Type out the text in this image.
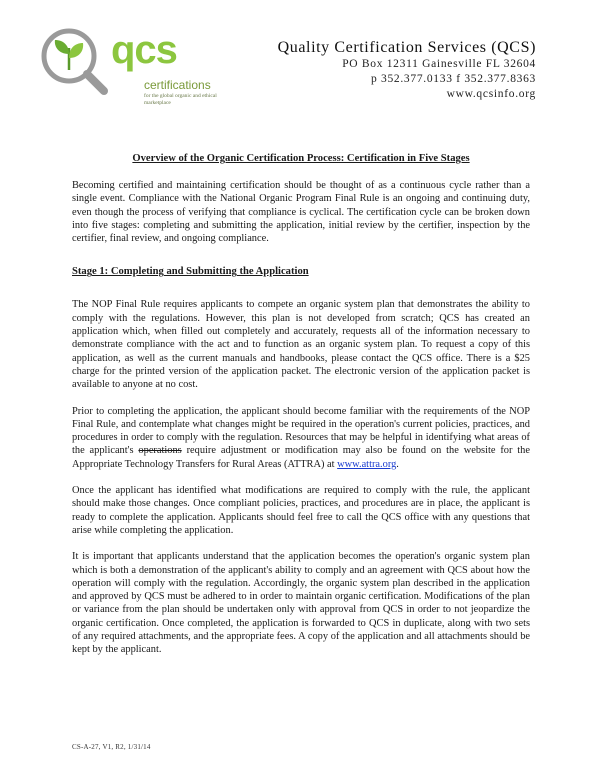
qcs
certifications
for the global organic and ethical marketplace
Quality Certification Services (QCS)
PO Box 12311 Gainesville FL 32604
p 352.377.0133 f 352.377.8363
www.qcsinfo.org
Overview of the Organic Certification Process: Certification in Five Stages

Becoming certified and maintaining certification should be thought of as a continuous cycle rather than a single event. Compliance with the National Organic Program Final Rule is an ongoing and continuing duty, even though the process of verifying that compliance is cyclical. The certification cycle can be broken down into five stages: completing and submitting the application, initial review by the certifier, inspection by the certifier, final review, and ongoing compliance.

Stage 1: Completing and Submitting the Application

The NOP Final Rule requires applicants to compete an organic system plan that demonstrates the ability to comply with the regulations. However, this plan is not developed from scratch; QCS has created an application which, when filled out completely and accurately, requests all of the information necessary to demonstrate compliance with the act and to function as an organic system plan. To request a copy of this application, as well as the current manuals and handbooks, please contact the QCS office. There is a $25 charge for the printed version of the application packet. The electronic version of the application packet is available to anyone at no cost.

Prior to completing the application, the applicant should become familiar with the requirements of the NOP Final Rule, and contemplate what changes might be required in the operation's current policies, practices, and procedures in order to comply with the regulation. Resources that may be helpful in identifying what areas of the applicant's operations require adjustment or modification may also be found on the website for the Appropriate Technology Transfers for Rural Areas (ATTRA) at www.attra.org.

Once the applicant has identified what modifications are required to comply with the rule, the applicant should make those changes. Once compliant policies, practices, and procedures are in place, the applicant is ready to complete the application. Applicants should feel free to call the QCS office with any questions that arise while completing the application.

It is important that applicants understand that the application becomes the operation's organic system plan which is both a demonstration of the applicant's ability to comply and an agreement with QCS about how the operation will comply with the regulation. Accordingly, the organic system plan described in the application and approved by QCS must be adhered to in order to maintain organic certification. Modifications of the plan or variance from the plan should be undertaken only with approval from QCS in order to not jeopardize the organic certification. Once completed, the application is forwarded to QCS in duplicate, along with two sets of any required attachments, and the appropriate fees. A copy of the application and all attachments should be kept by the applicant.

CS-A-27, V1, R2, 1/31/14
